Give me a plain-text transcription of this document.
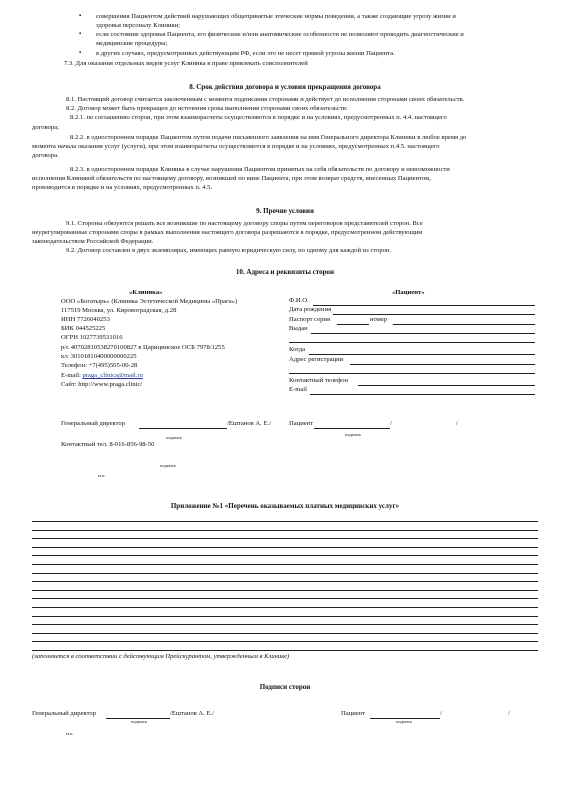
▪ совершения Пациентом действий нарушающих общепринятые этические нормы поведения, а также создающие угрозу жизни и
здоровья персоналу Клиники;
▪ если состояние здоровья Пациента, его физические и/или анатомические особенности не позволяют проводить диагностические и
медицинские процедуры;
▪ в других случаях, предусмотренных действующим РФ, если это не несет прямой угрозы жизни Пациента.
7.3. Для оказания отдельных видов услуг Клиника в праве привлекать соисполнителей
8. Срок действия договора и условия прекращения договора
8.1. Настоящий договор считается заключенным с момента подписания сторонами и действует до исполнения сторонами своих обязательств.
8.2. Договор может быть прекращен до истечения срока выполнения сторонами своих обязательств:
8.2.1. по соглашению сторон, при этом взаиморасчеты осуществляются в порядке и на условиях, предусмотренных п. 4.4. настоящего
договора;
8.2.2. в одностороннем порядке Пациентом путем подачи письменного заявления на имя Генерального директора Клиники в любое время до
момента начала оказания услуг (услуги), при этом взаиморасчеты осуществляются в порядке и на условиях, предусмотренных п.4.5. настоящего
договора.
8.2.3. в одностороннем порядке Клиника в случае нарушения Пациентом принятых на себя обязательств по договору и невозможности
исполнения Клиникой обязательств по настоящему договору, возникшей по вине Пациента, при этом возврат средств, внесенных Пациентом,
производится в порядке и на условиях, предусмотренных п. 4.5.
9. Прочие условия
9.1. Стороны обязуются решать все возникшие по настоящему договору споры путем переговоров представителей сторон. Все
неурегулированные сторонами споры в рамках выполнения настоящего договора разрешаются в порядке, предусмотренном действующим
законодательством Российской Федерации.
9.2. Договор составлен в двух экземплярах, имеющих равную юридическую силу, по одному для каждой из сторон.
10. Адреса и реквизиты сторон
«Клиника»
ООО «Богатырь» (Клиника Эстетической Медицины «Прага»)
117519 Москва, ул. Кировоградская, д.28
ИНН 7726040253
БИК 044525225
ОГРН 1027739531016
р/с 40702810538270100827 в Царицинское ОСБ 7978/1255
к/с 30101810400000000225
Телефон: +7(495)505-00-28
E-mail: praga_clinica@mail.ru
Сайт: http://www.praga.clinic/
«Пациент»
Ф.И.О.
Дата рождения
Паспорт серия	номер
Выдан
Когда
Адрес регистрации
Контактный телефон
E-mail
Генеральный директор	/Ештанов А. Е./
подпись
Пациент	/	/
подпись
Контактный тел. 8-916-856-98-50
подпись
м.п.
Приложение №1 «Перечень оказываемых платных медицинских услуг»
(заполняется в соответствии с действующим Прейскурантом, утвержденным в Клинике)
Подписи сторон
Генеральный директор	/Ештанов А. Е./
подпись
Пациент	/	/
подпись
м.п.
